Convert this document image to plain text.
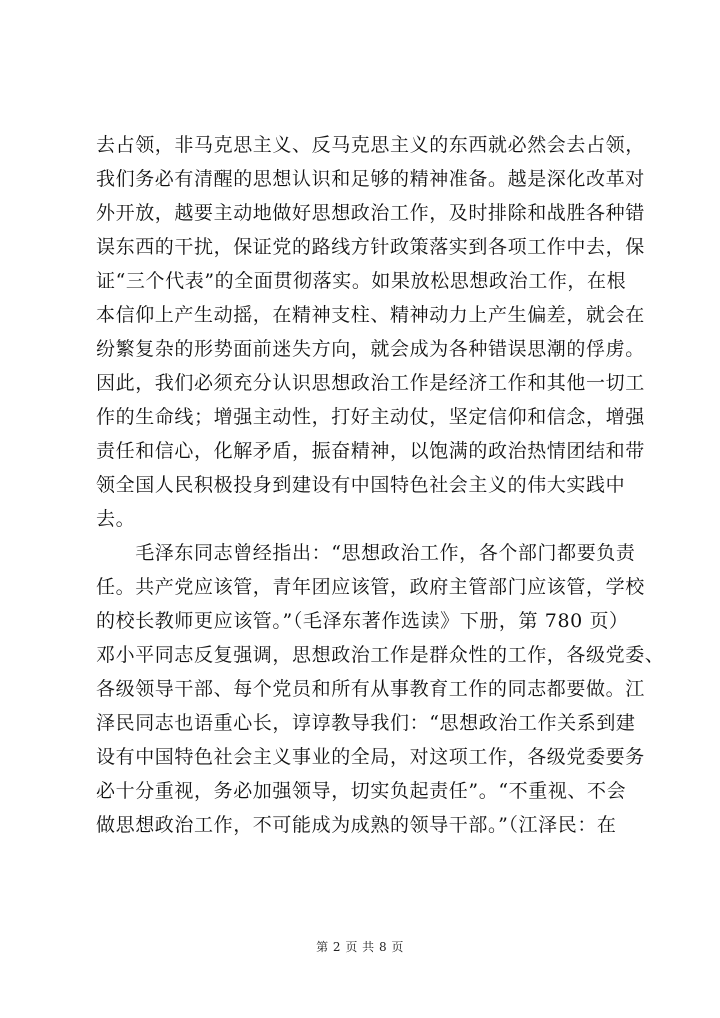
去占领，非马克思主义、反马克思主义的东西就必然会去占领，
我们务必有清醒的思想认识和足够的精神准备。越是深化改革对
外开放，越要主动地做好思想政治工作，及时排除和战胜各种错
误东西的干扰，保证党的路线方针政策落实到各项工作中去，保
证“三个代表”的全面贯彻落实。如果放松思想政治工作，在根
本信仰上产生动摇，在精神支柱、精神动力上产生偏差，就会在
纷繁复杂的形势面前迷失方向，就会成为各种错误思潮的俘虏。
因此，我们必须充分认识思想政治工作是经济工作和其他一切工
作的生命线；增强主动性，打好主动仗，坚定信仰和信念，增强
责任和信心，化解矛盾，振奋精神，以饱满的政治热情团结和带
领全国人民积极投身到建设有中国特色社会主义的伟大实践中
去。
　　毛泽东同志曾经指出：“思想政治工作，各个部门都要负责
任。共产党应该管，青年团应该管，政府主管部门应该管，学校
的校长教师更应该管。”（毛泽东著作选读》下册，第 780 页）
邓小平同志反复强调，思想政治工作是群众性的工作，各级党委、
各级领导干部、每个党员和所有从事教育工作的同志都要做。江
泽民同志也语重心长，谆谆教导我们：“思想政治工作关系到建
设有中国特色社会主义事业的全局，对这项工作，各级党委要务
必十分重视，务必加强领导，切实负起责任”。“不重视、不会
做思想政治工作，不可能成为成熟的领导干部。”（江泽民：在
第 2 页 共 8 页
